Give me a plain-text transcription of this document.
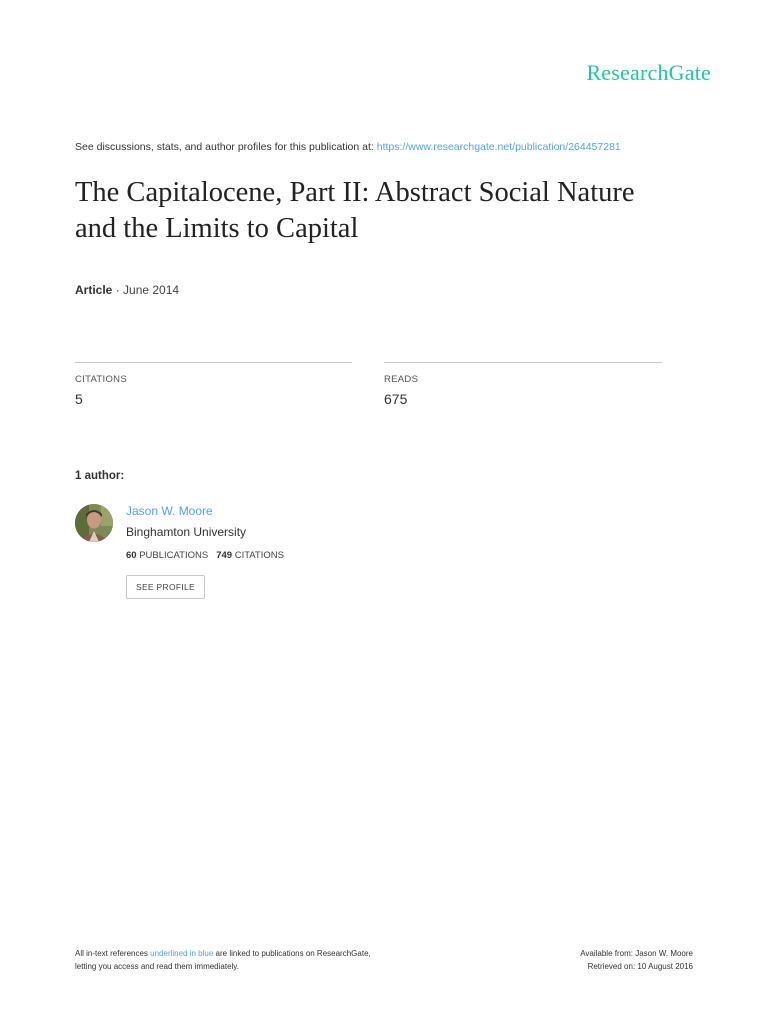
ResearchGate
See discussions, stats, and author profiles for this publication at: https://www.researchgate.net/publication/264457281
The Capitalocene, Part II: Abstract Social Nature
and the Limits to Capital
Article · June 2014
CITATIONS
5
READS
675
1 author:
Jason W. Moore
Binghamton University
60 PUBLICATIONS 749 CITATIONS
SEE PROFILE
All in-text references underlined in blue are linked to publications on ResearchGate,
letting you access and read them immediately.
Available from: Jason W. Moore
Retrieved on: 10 August 2016
